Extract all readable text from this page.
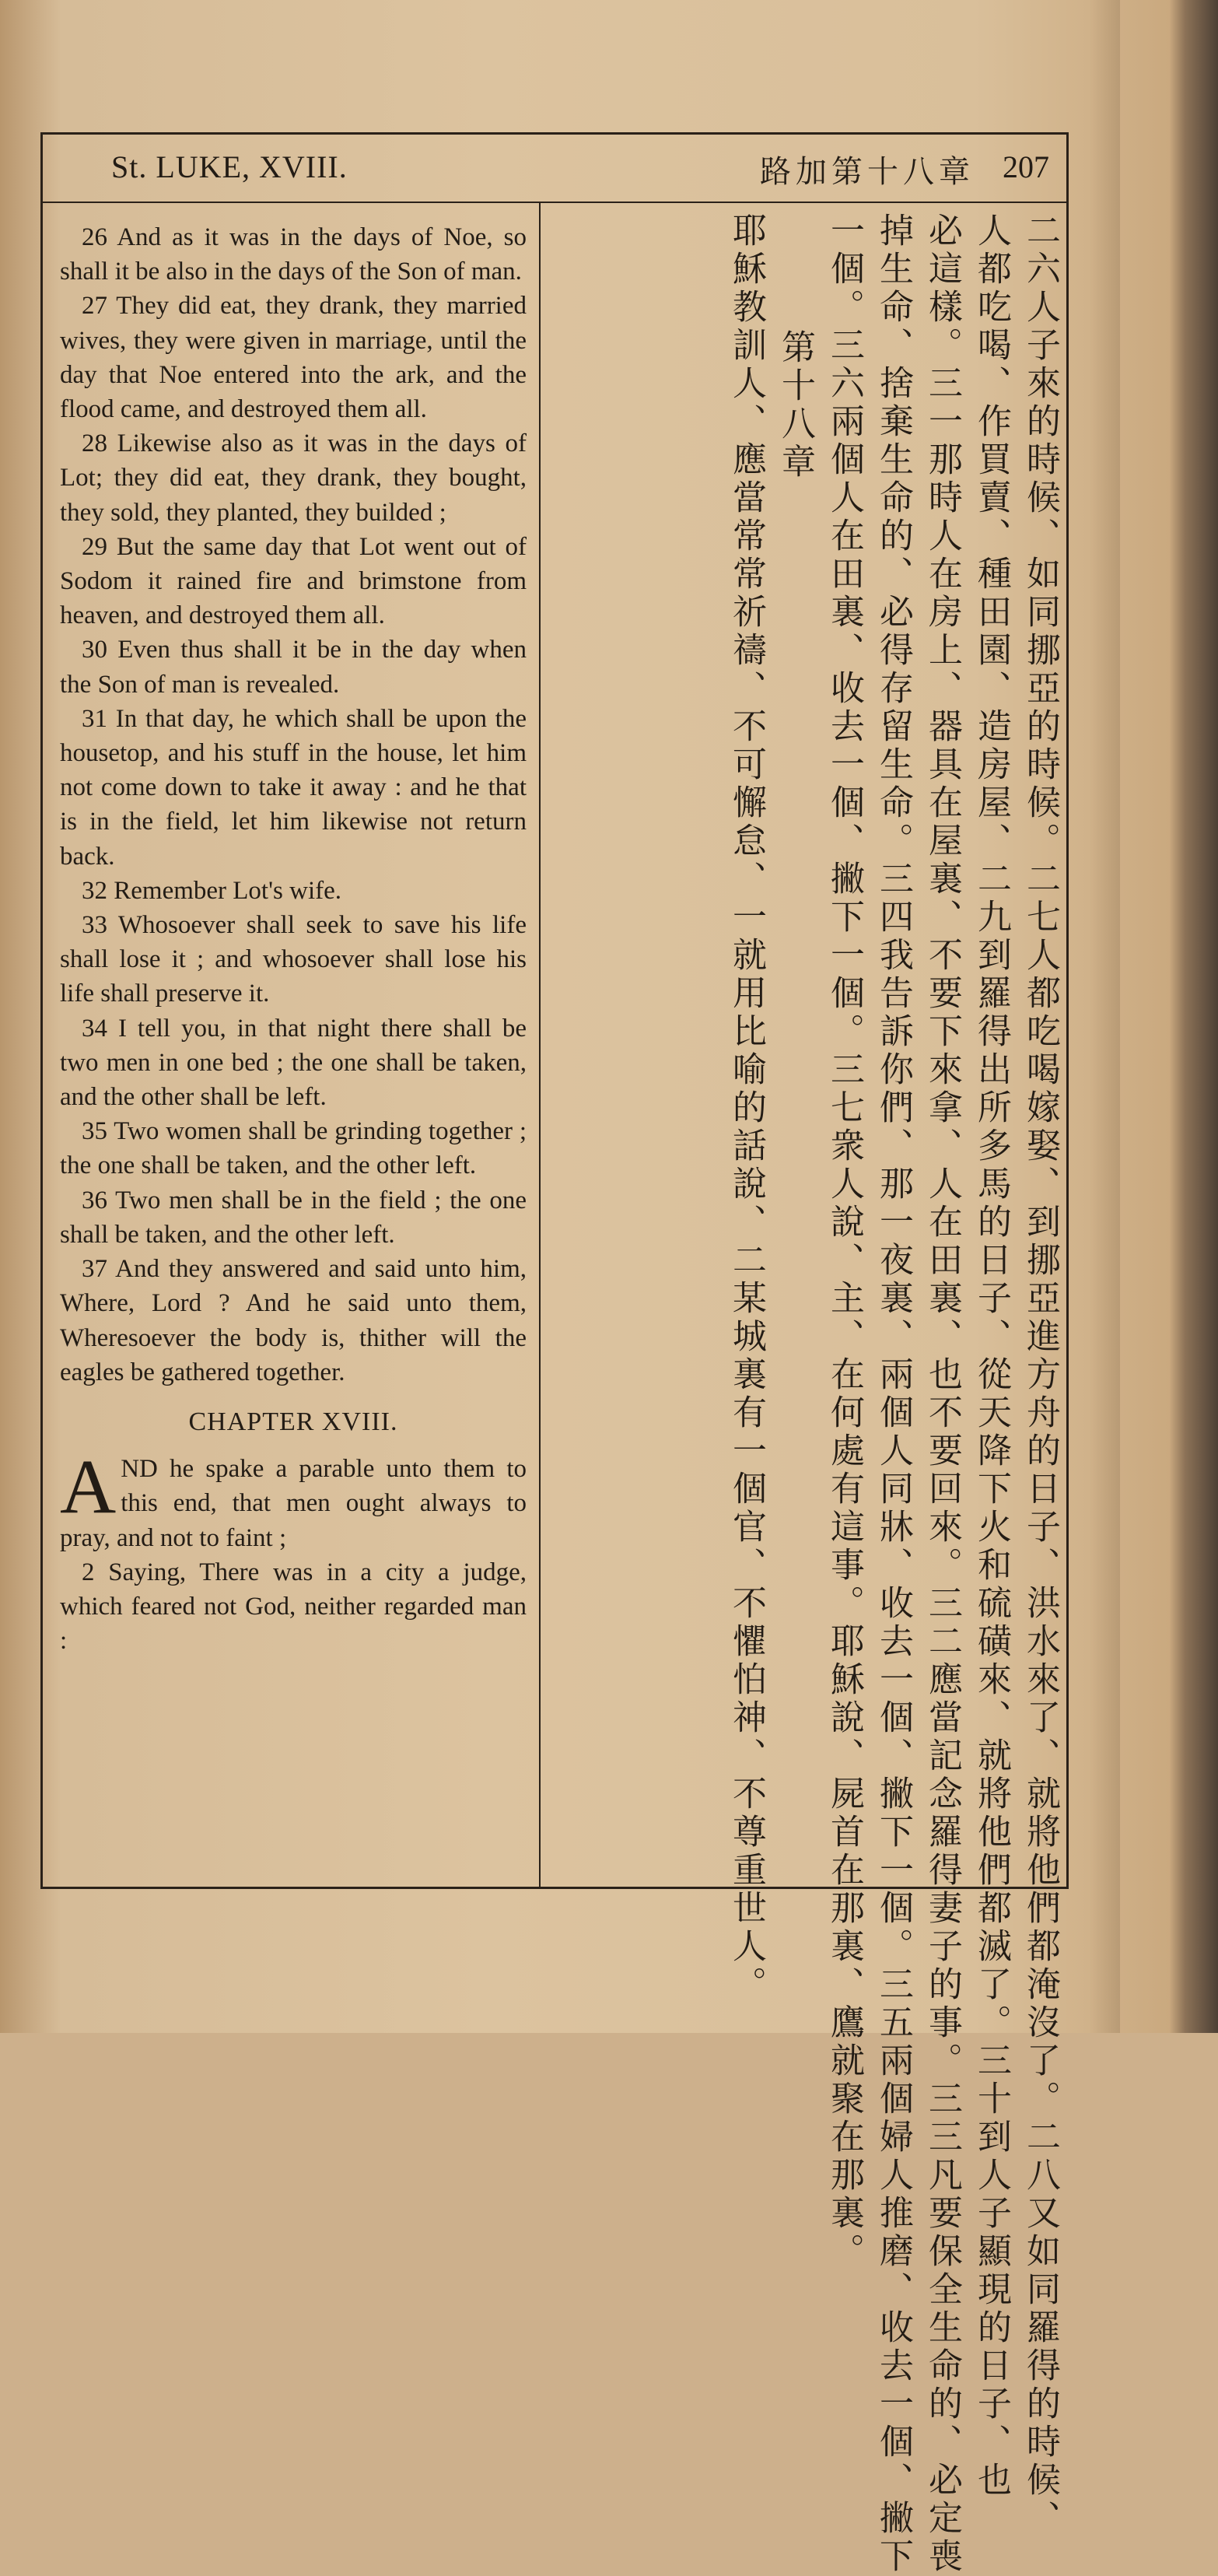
St. LUKE, XVIII.	路加第十八章 207

26 And as it was in the days of Noe, so shall it be also in the days of the Son of man.

27 They did eat, they drank, they married wives, they were given in marriage, until the day that Noe entered into the ark, and the flood came, and destroyed them all.

28 Likewise also as it was in the days of Lot; they did eat, they drank, they bought, they sold, they planted, they builded ;

29 But the same day that Lot went out of Sodom it rained fire and brimstone from heaven, and destroyed them all.

30 Even thus shall it be in the day when the Son of man is revealed.

31 In that day, he which shall be upon the housetop, and his stuff in the house, let him not come down to take it away : and he that is in the field, let him likewise not return back.

32 Remember Lot's wife.

33 Whosoever shall seek to save his life shall lose it ; and whosoever shall lose his life shall preserve it.

34 I tell you, in that night there shall be two men in one bed ; the one shall be taken, and the other shall be left.

35 Two women shall be grinding together ; the one shall be taken, and the other left.

36 Two men shall be in the field ; the one shall be taken, and the other left.

37 And they answered and said unto him, Where, Lord ? And he said unto them, Wheresoever the body is, thither will the eagles be gathered together.

CHAPTER XVIII.

AND he spake a parable unto them to this end, that men ought always to pray, and not to faint ;

2 Saying, There was in a city a judge, which feared not God, neither regarded man :	二六人子來的時候、如同挪亞的時候。二七人都吃喝嫁娶、到挪亞進方舟的日子、洪水來了、就將他們都淹沒了。二八又如同羅得的時候、
人都吃喝、作買賣、種田園、造房屋、二九到羅得出所多馬的日子、從天降下火和硫磺來、就將他們都滅了。三十到人子顯現的日子、也
必這樣。三一那時人在房上、器具在屋裏、不要下來拿、人在田裏、也不要回來。三二應當記念羅得妻子的事。三三凡要保全生命的、必定喪
掉生命、捨棄生命的、必得存留生命。三四我告訴你們、那一夜裏、兩個人同牀、收去一個、撇下一個。三五兩個婦人推磨、收去一個、撇下
一個。三六兩個人在田裏、收去一個、撇下一個。三七衆人說、主、在何處有這事。耶穌說、屍首在那裏、鷹就聚在那裏。
第十八章
耶穌教訓人、應當常常祈禱、不可懈怠、一就用比喻的話說、二某城裏有一個官、不懼怕神、不尊重世人。
